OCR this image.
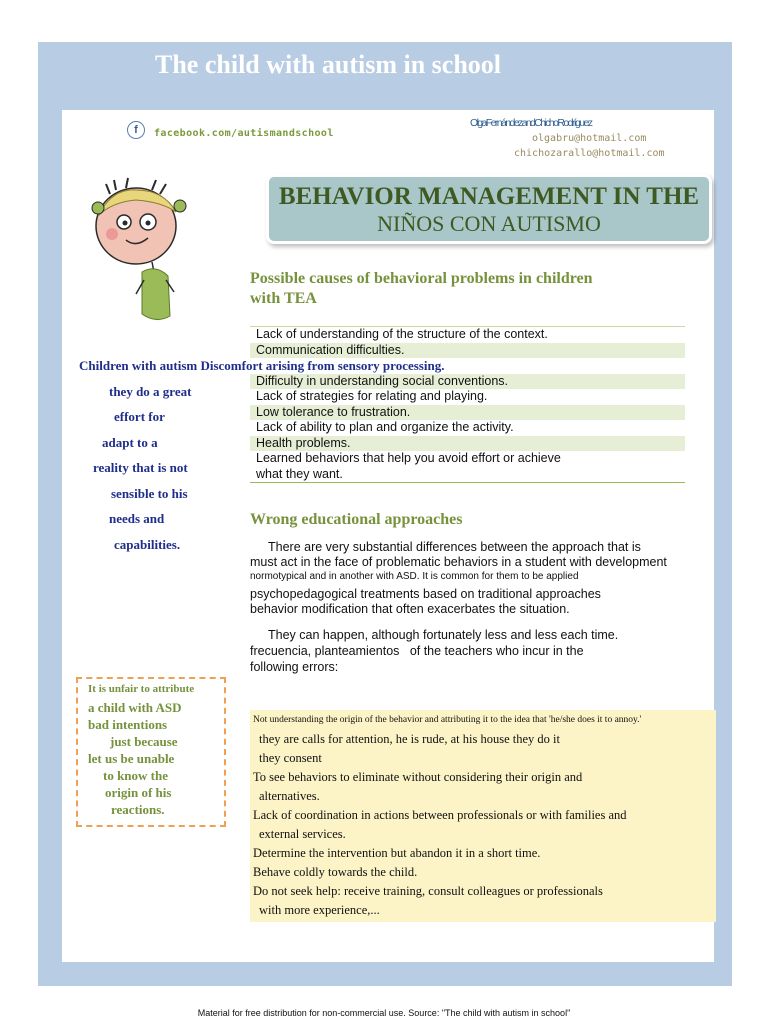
The child with autism in school
f	facebook.com/autismandschool
OlgaFernándezandChichoRodríguez
olgabru@hotmail.com
chichozarallo@hotmail.com
BEHAVIOR MANAGEMENT IN THE
NIÑOS CON AUTISMO
Possible causes of behavioral problems in children
with TEA
Lack of understanding of the structure of the context.
Communication difficulties.
Difficulty in understanding social conventions.
Lack of strategies for relating and playing.
Low tolerance to frustration.
Lack of ability to plan and organize the activity.
Health problems.
Learned behaviors that help you avoid effort or achieve
what they want.
Children with autism Discomfort arising from sensory processing.
they do a great
effort for
adapt to a
reality that is not
sensible to his
needs and
capabilities.
Wrong educational approaches
There are very substantial differences between the approach that is
must act in the face of problematic behaviors in a student with development
normotypical and in another with ASD. It is common for them to be applied
psychopedagogical treatments based on traditional approaches
behavior modification that often exacerbates the situation.
They can happen, although fortunately less and less each time.
frecuencia, planteamientos   of the teachers who incur in the
following errors:
It is unfair to attribute
a child with ASD
bad intentions
just because
let us be unable
to know the
origin of his
reactions.
Not understanding the origin of the behavior and attributing it to the idea that 'he/she does it to annoy.'
they are calls for attention, he is rude, at his house they do it
they consent
To see behaviors to eliminate without considering their origin and
alternatives.
Lack of coordination in actions between professionals or with families and
external services.
Determine the intervention but abandon it in a short time.
Behave coldly towards the child.
Do not seek help: receive training, consult colleagues or professionals
with more experience,...
Material for free distribution for non-commercial use. Source: "The child with autism in school"
